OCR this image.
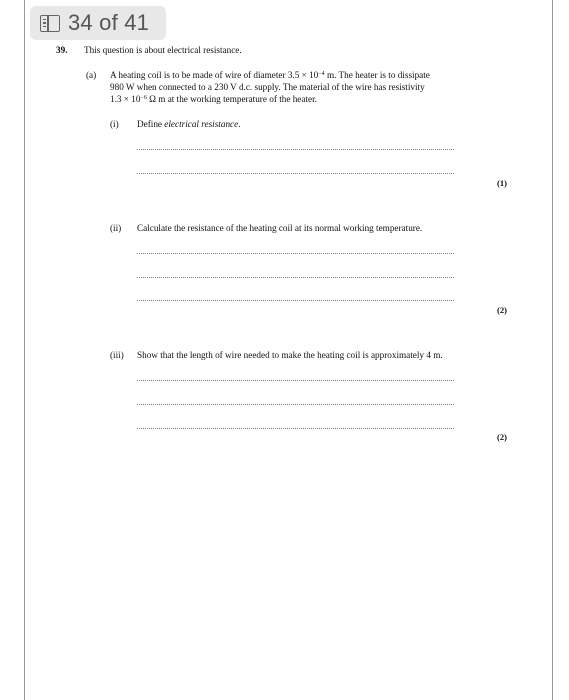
34 of 41
39. This question is about electrical resistance.
(a) A heating coil is to be made of wire of diameter $3.5 \times 10^{-4}$ m. The heater is to dissipate
980 W when connected to a 230 V d.c. supply. The material of the wire has resistivity
$1.3 \times 10^{-6}$ Ω m at the working temperature of the heater.
(i) Define electrical resistance.
(1)
(ii) Calculate the resistance of the heating coil at its normal working temperature.
(2)
(iii) Show that the length of wire needed to make the heating coil is approximately 4 m.
(2)
